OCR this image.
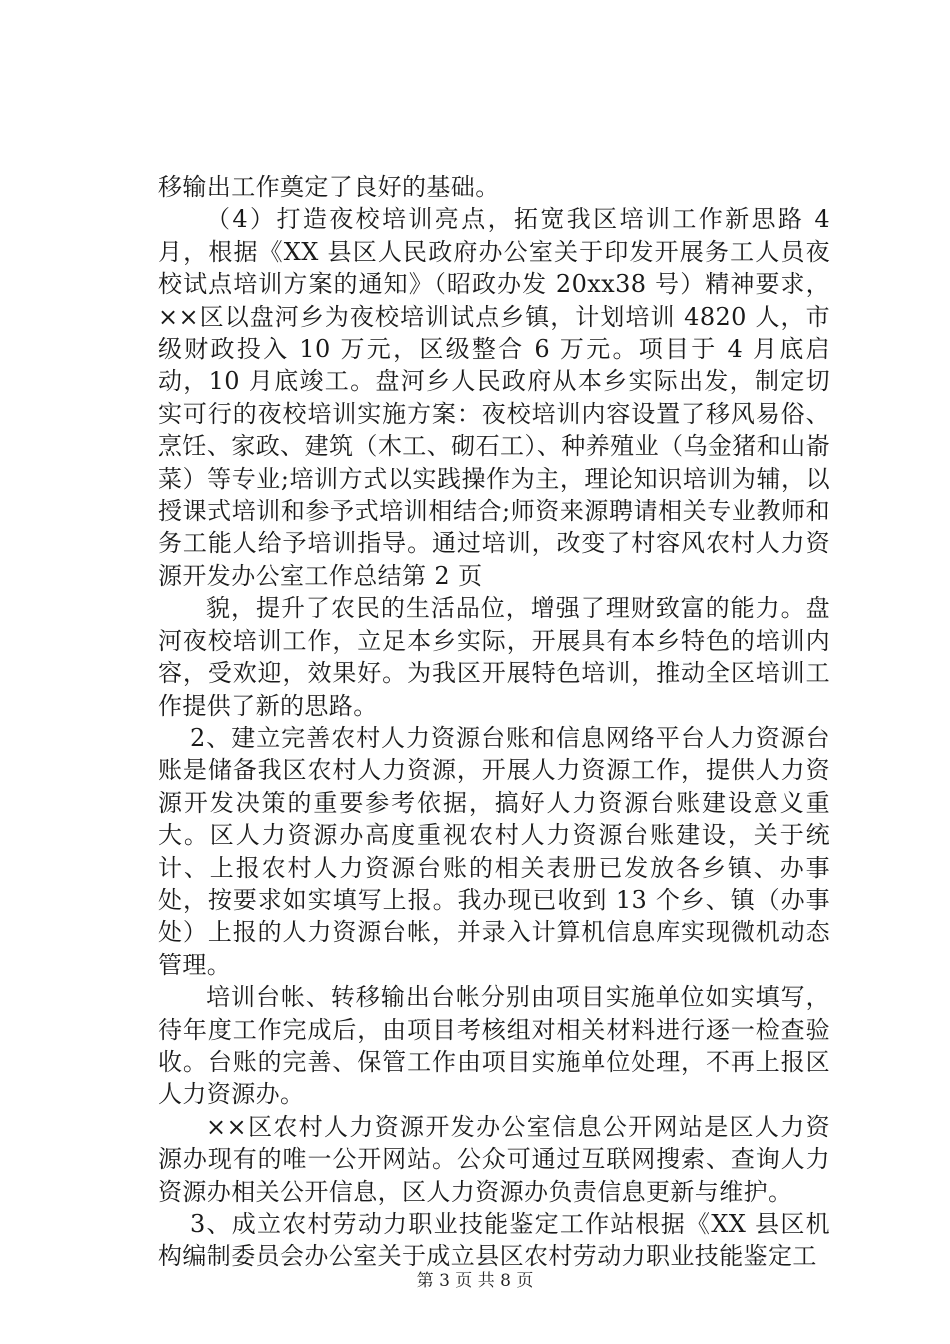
移输出工作奠定了良好的基础。

（4）打造夜校培训亮点，拓宽我区培训工作新思路 4 月，根据《XX 县区人民政府办公室关于印发开展务工人员夜校试点培训方案的通知》（昭政办发 20xx38 号）精神要求，××区以盘河乡为夜校培训试点乡镇，计划培训 4820 人，市级财政投入 10 万元，区级整合 6 万元。项目于 4 月底启动，10 月底竣工。盘河乡人民政府从本乡实际出发，制定切实可行的夜校培训实施方案：夜校培训内容设置了移风易俗、烹饪、家政、建筑（木工、砌石工）、种养殖业（乌金猪和山嵛菜）等专业;培训方式以实践操作为主，理论知识培训为辅，以授课式培训和参予式培训相结合;师资来源聘请相关专业教师和务工能人给予培训指导。通过培训，改变了村容风农村人力资源开发办公室工作总结第 2 页

貌，提升了农民的生活品位，增强了理财致富的能力。盘河夜校培训工作，立足本乡实际，开展具有本乡特色的培训内容，受欢迎，效果好。为我区开展特色培训，推动全区培训工作提供了新的思路。

2、建立完善农村人力资源台账和信息网络平台人力资源台账是储备我区农村人力资源，开展人力资源工作，提供人力资源开发决策的重要参考依据，搞好人力资源台账建设意义重大。区人力资源办高度重视农村人力资源台账建设，关于统计、上报农村人力资源台账的相关表册已发放各乡镇、办事处，按要求如实填写上报。我办现已收到 13 个乡、镇（办事处）上报的人力资源台帐，并录入计算机信息库实现微机动态管理。

培训台帐、转移输出台帐分别由项目实施单位如实填写，待年度工作完成后，由项目考核组对相关材料进行逐一检查验收。台账的完善、保管工作由项目实施单位处理，不再上报区人力资源办。

××区农村人力资源开发办公室信息公开网站是区人力资源办现有的唯一公开网站。公众可通过互联网搜索、查询人力资源办相关公开信息，区人力资源办负责信息更新与维护。

3、成立农村劳动力职业技能鉴定工作站根据《XX 县区机构编制委员会办公室关于成立县区农村劳动力职业技能鉴定工

第 3 页 共 8 页
